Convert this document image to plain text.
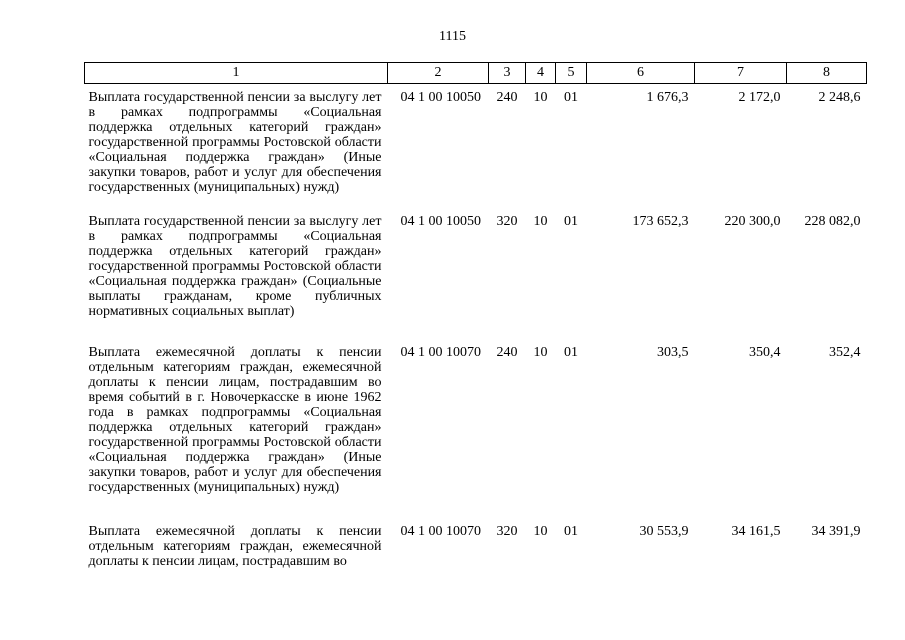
1115
1	2	3	4	5	6	7	8
Выплата государственной пенсии за выслугу лет в рамках подпрограммы «Социальная поддержка отдельных категорий граждан» государственной программы Ростовской области «Социальная поддержка граждан» (Иные закупки товаров, работ и услуг для обеспечения государственных (муниципальных) нужд)	04 1 00 10050	240	10	01	1 676,3	2 172,0	2 248,6
Выплата государственной пенсии за выслугу лет в рамках подпрограммы «Социальная поддержка отдельных категорий граждан» государственной программы Ростовской области «Социальная поддержка граждан» (Социальные выплаты гражданам, кроме публичных нормативных социальных выплат)	04 1 00 10050	320	10	01	173 652,3	220 300,0	228 082,0
Выплата ежемесячной доплаты к пенсии отдельным категориям граждан, ежемесячной доплаты к пенсии лицам, пострадавшим во время событий в г. Новочеркасске в июне 1962 года в рамках подпрограммы «Социальная поддержка отдельных категорий граждан» государственной программы Ростовской области «Социальная поддержка граждан» (Иные закупки товаров, работ и услуг для обеспечения государственных (муниципальных) нужд)	04 1 00 10070	240	10	01	303,5	350,4	352,4
Выплата ежемесячной доплаты к пенсии отдельным категориям граждан, ежемесячной доплаты к пенсии лицам, пострадавшим во	04 1 00 10070	320	10	01	30 553,9	34 161,5	34 391,9
